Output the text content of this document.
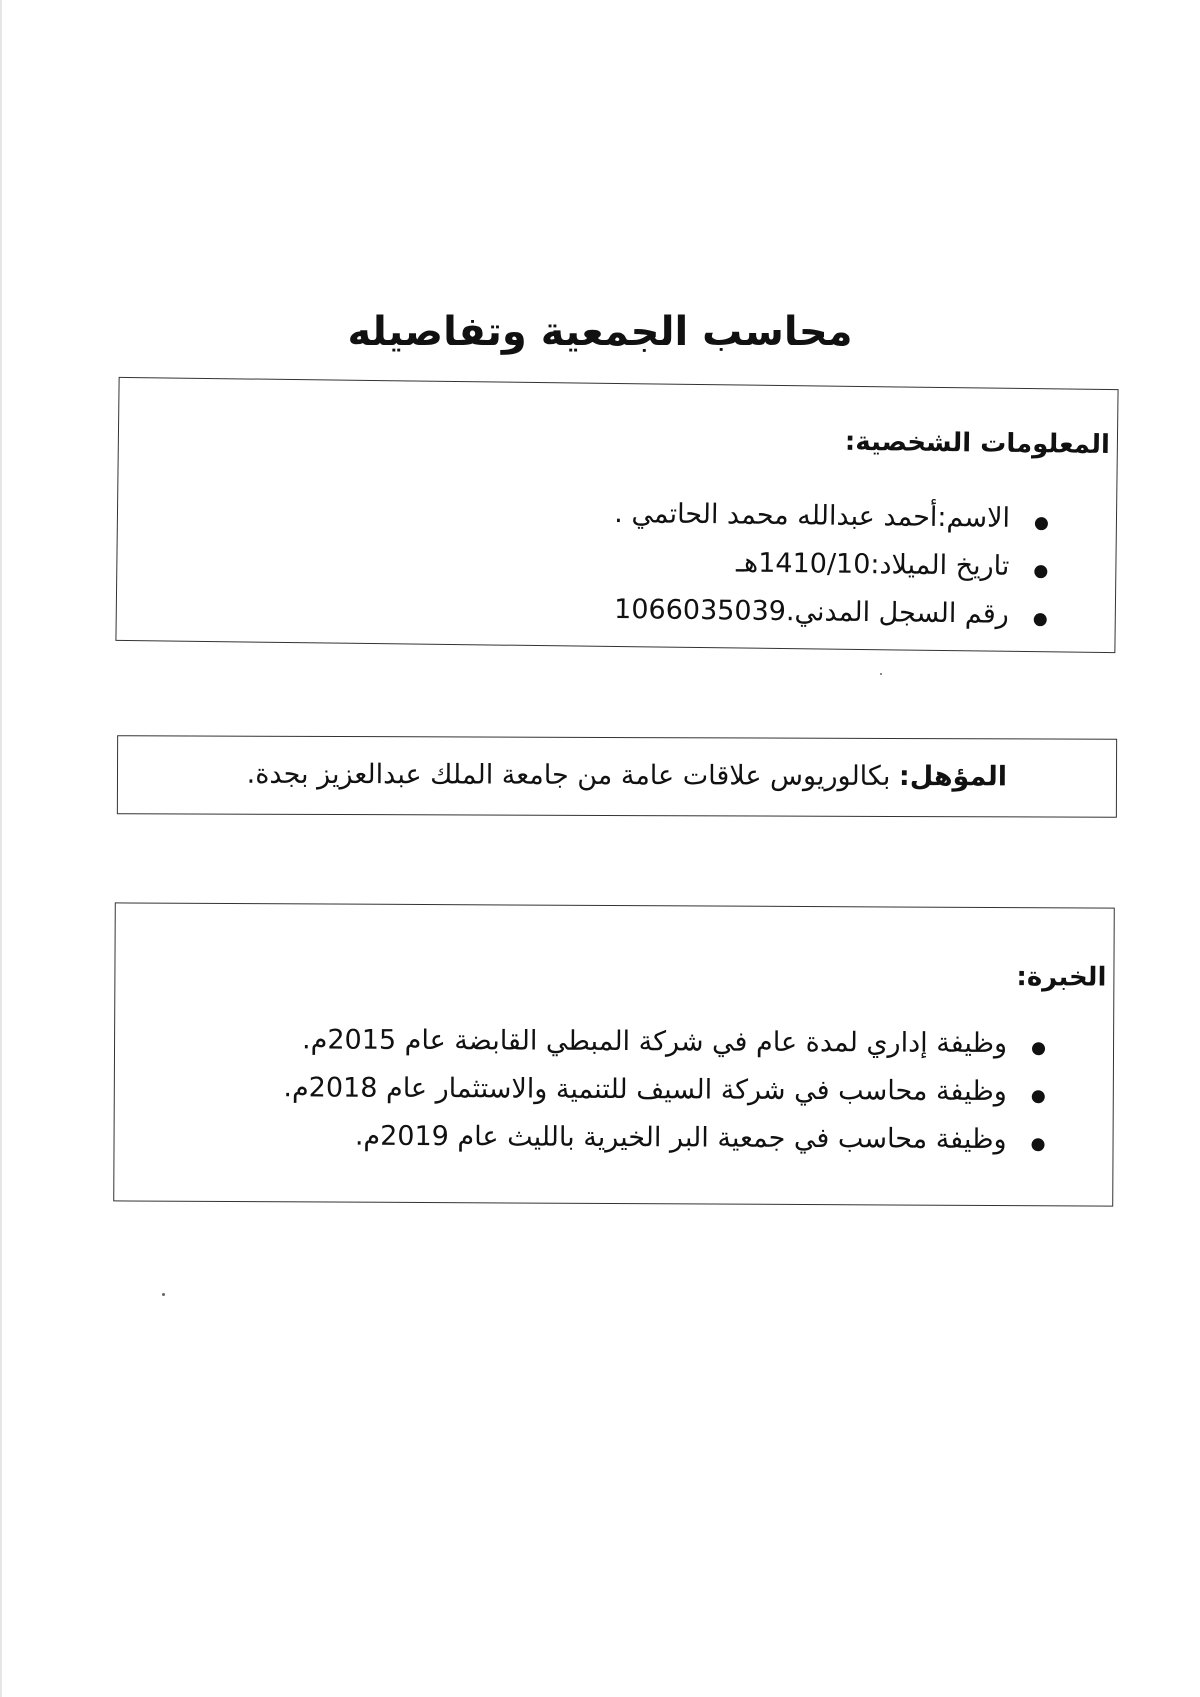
محاسب الجمعية وتفاصيله
المعلومات الشخصية:
الاسم:أحمد عبدالله محمد الحاتمي .
تاريخ الميلاد:1410/10هـ
رقم السجل المدني.1066035039
المؤهل: بكالوريوس علاقات عامة من جامعة الملك عبدالعزيز بجدة.
الخبرة:
وظيفة إداري لمدة عام في شركة المبطي القابضة عام 2015م.
وظيفة محاسب في شركة السيف للتنمية والاستثمار عام 2018م.
وظيفة محاسب في جمعية البر الخيرية بالليث عام 2019م.
